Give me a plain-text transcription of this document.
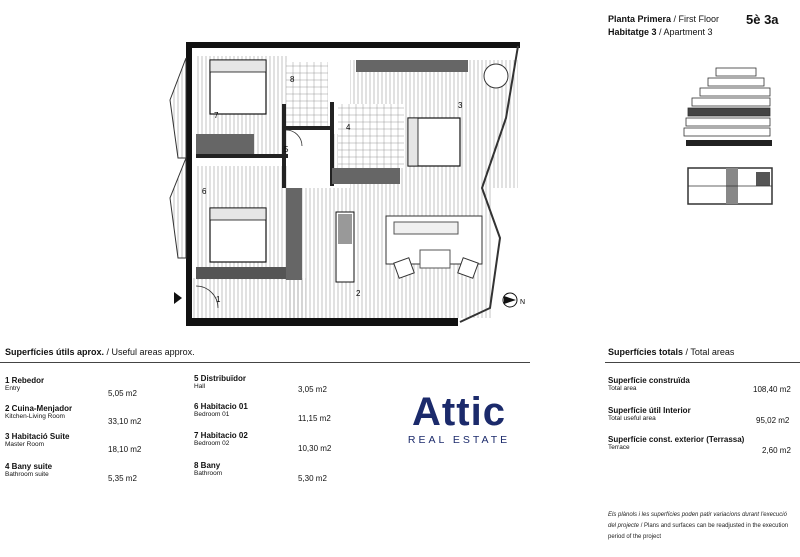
Planta Primera / First Floor
Habitatge 3 / Apartment 3
5è 3a
1
2
3
4
5
6
7
8
N
Superfícies útils aprox. / Useful areas approx.
1 Rebedor
Entry
5,05 m2
2 Cuina-Menjador
Kitchen-Living Room
33,10 m2
3 Habitació Suite
Master Room
18,10 m2
4 Bany suite
Bathroom suite	5,35 m2
5 Distribuïdor
Hall	3,05 m2
6 Habitacio 01
Bedroom 01	11,15 m2
7 Habitacio 02
Bedroom 02
10,30 m2
8 Bany
Bathroom
5,30 m2
Attic
REAL ESTATE
Superfícies totals / Total areas
Superfície construïda
Total area	108,40 m2
Superfície útil Interior
Total useful area	95,02 m2
Superfície const. exterior (Terrassa)
Terrace	2,60 m2
Els plànols i les superfícies poden patir variacions durant l'execució
del projecte / Plans and surfaces can be readjusted in the execution
period of the project
